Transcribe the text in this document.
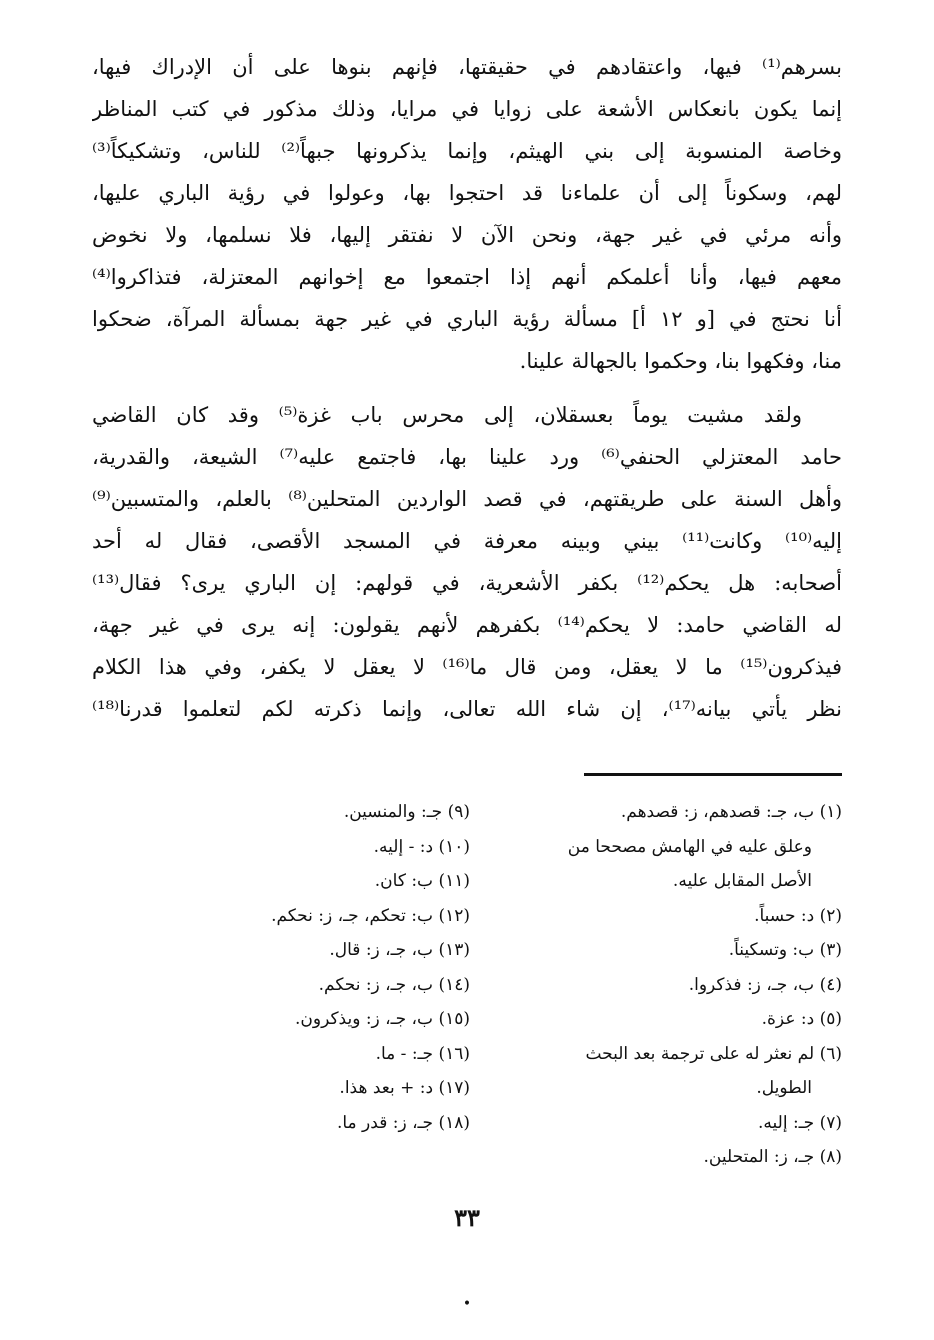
بسرهم⁽¹⁾ فيها، واعتقادهم في حقيقتها، فإنهم بنوها على أن الإدراك فيها،
إنما يكون بانعكاس الأشعة على زوايا في مرايا، وذلك مذكور في كتب المناظر
وخاصة المنسوبة إلى بني الهيثم، وإنما يذكرونها جبهاً⁽²⁾ للناس، وتشكيكاً⁽³⁾
لهم، وسكوناً إلى أن علماءنا قد احتجوا بها، وعولوا في رؤية الباري عليها،
وأنه مرئي في غير جهة، ونحن الآن لا نفتقر إليها، فلا نسلمها، ولا نخوض
معهم فيها، وأنا أعلمكم أنهم إذا اجتمعوا مع إخوانهم المعتزلة، فتذاكروا⁽⁴⁾
أنا نحتج في [و ١٢ أ] مسألة رؤية الباري في غير جهة بمسألة المرآة، ضحكوا
منا، وفكهوا بنا، وحكموا بالجهالة علينا.
ولقد مشيت يوماً بعسقلان، إلى محرس باب غزة⁽⁵⁾ وقد كان القاضي
حامد المعتزلي الحنفي⁽⁶⁾ ورد علينا بها، فاجتمع عليه⁽⁷⁾ الشيعة، والقدرية،
وأهل السنة على طريقتهم، في قصد الواردين المتحلين⁽⁸⁾ بالعلم، والمتسبين⁽⁹⁾
إليه⁽¹⁰⁾ وكانت⁽¹¹⁾ بيني وبينه معرفة في المسجد الأقصى، فقال له أحد
أصحابه: هل يحكم⁽¹²⁾ بكفر الأشعرية، في قولهم: إن الباري يرى؟ فقال⁽¹³⁾
له القاضي حامد: لا يحكم⁽¹⁴⁾ بكفرهم لأنهم يقولون: إنه يرى في غير جهة،
فيذكرون⁽¹⁵⁾ ما لا يعقل، ومن قال ما⁽¹⁶⁾ لا يعقل لا يكفر، وفي هذا الكلام
نظر يأتي بيانه⁽¹⁷⁾، إن شاء الله تعالى، وإنما ذكرته لكم لتعلموا قدرنا⁽¹⁸⁾
(١) ب، جـ: قصدهم، ز: قصدهم.
وعلق عليه في الهامش مصححا من
الأصل المقابل عليه.
(٢) د: حسباً.
(٣) ب: وتسكيناً.
(٤) ب، جـ، ز: فذكروا.
(٥) د: عزة.
(٦) لم نعثر له على ترجمة بعد البحث
الطويل.
(٧) جـ: إليه.
(٨) جـ، ز: المتحلين.
(٩) جـ: والمنسين.
(١٠) د: - إليه.
(١١) ب: كان.
(١٢) ب: تحكم، جـ، ز: نحكم.
(١٣) ب، جـ، ز: قال.
(١٤) ب، جـ، ز: نحكم.
(١٥) ب، جـ، ز: ويذكرون.
(١٦) جـ: - ما.
(١٧) د: + بعد هذا.
(١٨) جـ، ز: قدر ما.
٣٣
•
